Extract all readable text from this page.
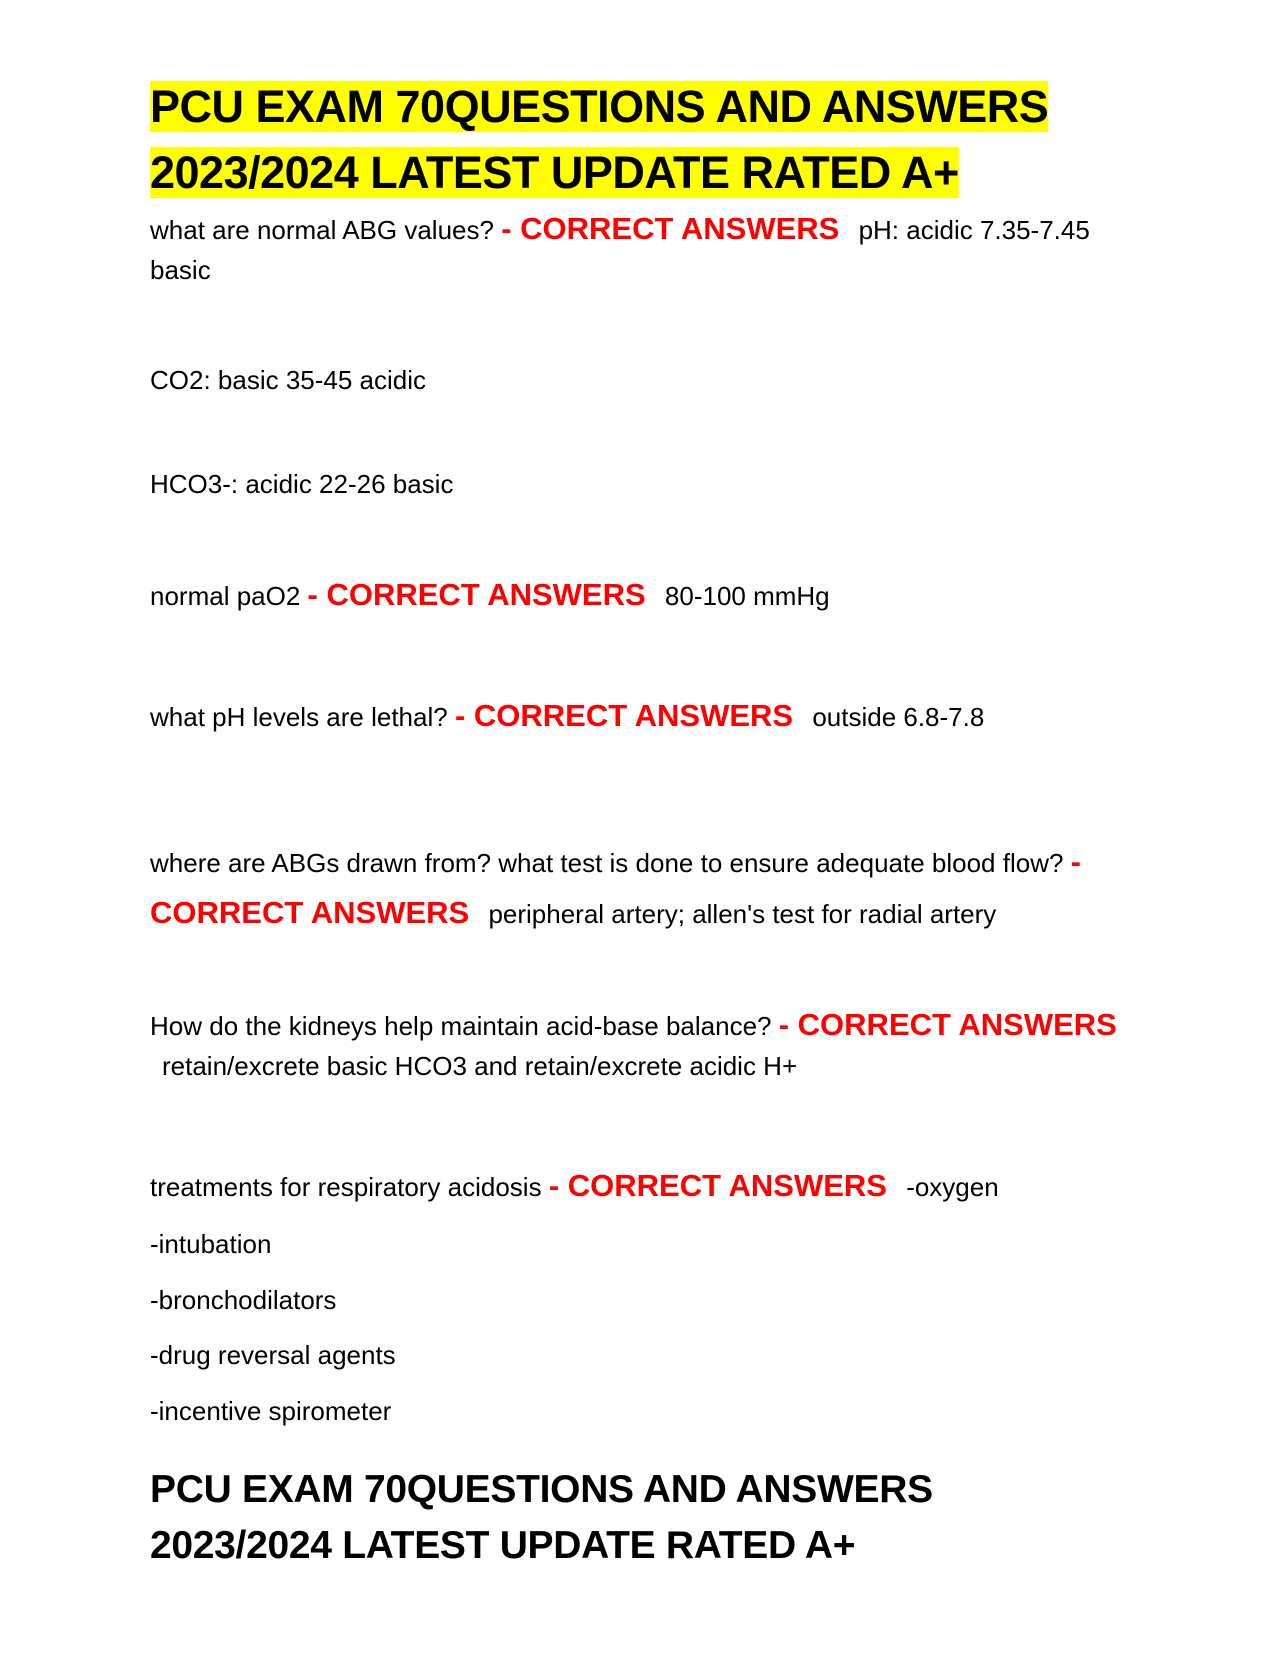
PCU EXAM 70QUESTIONS AND ANSWERS
2023/2024 LATEST UPDATE RATED A+
what are normal ABG values? - CORRECT ANSWERS pH: acidic 7.35-7.45 basic
CO2: basic 35-45 acidic
HCO3-: acidic 22-26 basic
normal paO2 - CORRECT ANSWERS 80-100 mmHg
what pH levels are lethal? - CORRECT ANSWERS outside 6.8-7.8
where are ABGs drawn from? what test is done to ensure adequate blood flow? - CORRECT ANSWERS peripheral artery; allen's test for radial artery
How do the kidneys help maintain acid-base balance? - CORRECT ANSWERS retain/excrete basic HCO3 and retain/excrete acidic H+
treatments for respiratory acidosis - CORRECT ANSWERS -oxygen
-intubation
-bronchodilators
-drug reversal agents
-incentive spirometer
PCU EXAM 70QUESTIONS AND ANSWERS
2023/2024 LATEST UPDATE RATED A+
